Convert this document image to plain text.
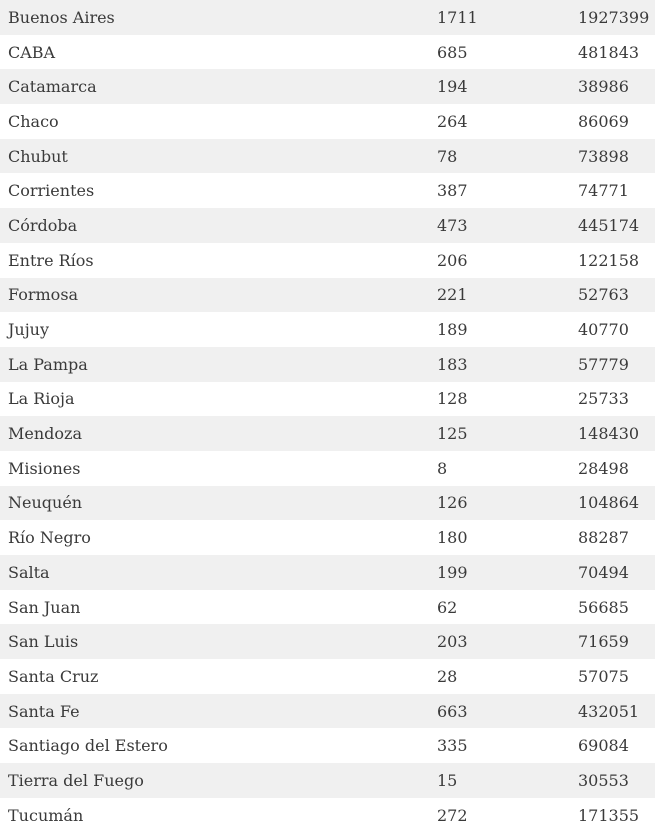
Buenos Aires	1711	1927399
CABA	685	481843
Catamarca	194	38986
Chaco	264	86069
Chubut	78	73898
Corrientes	387	74771
Córdoba	473	445174
Entre Ríos	206	122158
Formosa	221	52763
Jujuy	189	40770
La Pampa	183	57779
La Rioja	128	25733
Mendoza	125	148430
Misiones	8	28498
Neuquén	126	104864
Río Negro	180	88287
Salta	199	70494
San Juan	62	56685
San Luis	203	71659
Santa Cruz	28	57075
Santa Fe	663	432051
Santiago del Estero	335	69084
Tierra del Fuego	15	30553
Tucumán	272	171355
